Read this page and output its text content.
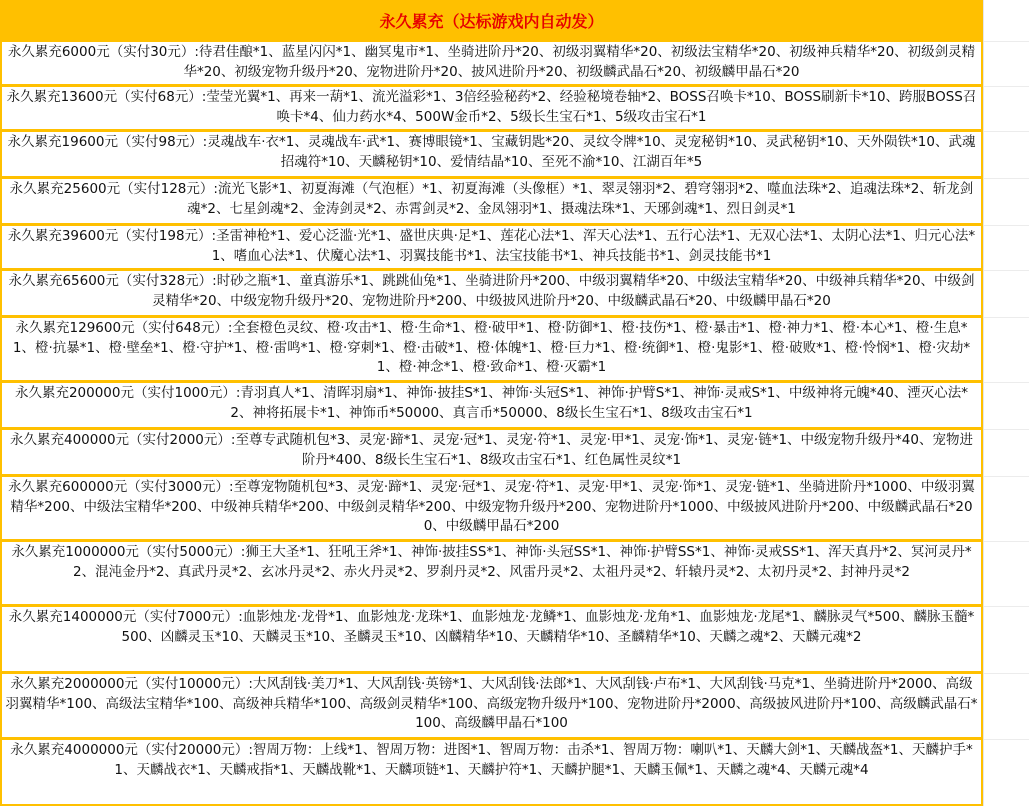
永久累充（达标游戏内自动发）
永久累充6000元（实付30元）:待君佳酿*1、蓝星闪闪*1、幽冥鬼市*1、坐骑进阶丹*20、初级羽翼精华*20、初级法宝精华*20、初级神兵精华*20、初级剑灵精华*20、初级宠物升级丹*20、宠物进阶丹*20、披风进阶丹*20、初级麟武晶石*20、初级麟甲晶石*20
永久累充13600元（实付68元）:莹莹光翼*1、再来一葫*1、流光溢彩*1、3倍经验秘药*2、经验秘境卷轴*2、BOSS召唤卡*10、BOSS刷新卡*10、跨服BOSS召唤卡*4、仙力药水*4、500W金币*2、5级长生宝石*1、5级攻击宝石*1
永久累充19600元（实付98元）:灵魂战车·衣*1、灵魂战车·武*1、赛博眼镜*1、宝藏钥匙*20、灵纹令牌*10、灵宠秘钥*10、灵武秘钥*10、天外陨铁*10、武魂招魂符*10、天麟秘钥*10、爱情结晶*10、至死不渝*10、江湖百年*5
永久累充25600元（实付128元）:流光飞影*1、初夏海滩（气泡框）*1、初夏海滩（头像框）*1、翠灵翎羽*2、碧穹翎羽*2、噬血法珠*2、追魂法珠*2、斩龙剑魂*2、七星剑魂*2、金涛剑灵*2、赤霄剑灵*2、金凤翎羽*1、摄魂法珠*1、天琊剑魂*1、烈日剑灵*1
永久累充39600元（实付198元）:圣雷神枪*1、爱心泛滥·光*1、盛世庆典·足*1、莲花心法*1、浑天心法*1、五行心法*1、无双心法*1、太阴心法*1、归元心法*1、嗜血心法*1、伏魔心法*1、羽翼技能书*1、法宝技能书*1、神兵技能书*1、剑灵技能书*1
永久累充65600元（实付328元）:时砂之瓶*1、童真游乐*1、跳跳仙兔*1、坐骑进阶丹*200、中级羽翼精华*20、中级法宝精华*20、中级神兵精华*20、中级剑灵精华*20、中级宠物升级丹*20、宠物进阶丹*200、中级披风进阶丹*20、中级麟武晶石*20、中级麟甲晶石*20
永久累充129600元（实付648元）:全套橙色灵纹、橙·攻击*1、橙·生命*1、橙·破甲*1、橙·防御*1、橙·技伤*1、橙·暴击*1、橙·神力*1、橙·本心*1、橙·生息*1、橙·抗暴*1、橙·壁垒*1、橙·守护*1、橙·雷鸣*1、橙·穿刺*1、橙·击破*1、橙·体魄*1、橙·巨力*1、橙·统御*1、橙·鬼影*1、橙·破败*1、橙·怜悯*1、橙·灾劫*1、橙·神念*1、橙·致命*1、橙·灭霸*1
永久累充200000元（实付1000元）:青羽真人*1、清晖羽扇*1、神饰·披挂S*1、神饰·头冠S*1、神饰·护臂S*1、神饰·灵戒S*1、中级神将元魄*40、湮灭心法*2、神将拓展卡*1、神饰币*50000、真言币*50000、8级长生宝石*1、8级攻击宝石*1
永久累充400000元（实付2000元）:至尊专武随机包*3、灵宠·蹄*1、灵宠·冠*1、灵宠·符*1、灵宠·甲*1、灵宠·饰*1、灵宠·链*1、中级宠物升级丹*40、宠物进阶丹*400、8级长生宝石*1、8级攻击宝石*1、红色属性灵纹*1
永久累充600000元（实付3000元）:至尊宠物随机包*3、灵宠·蹄*1、灵宠·冠*1、灵宠·符*1、灵宠·甲*1、灵宠·饰*1、灵宠·链*1、坐骑进阶丹*1000、中级羽翼精华*200、中级法宝精华*200、中级神兵精华*200、中级剑灵精华*200、中级宠物升级丹*200、宠物进阶丹*1000、中级披风进阶丹*200、中级麟武晶石*200、中级麟甲晶石*200
永久累充1000000元（实付5000元）:狮王大圣*1、狂吼王斧*1、神饰·披挂SS*1、神饰·头冠SS*1、神饰·护臂SS*1、神饰·灵戒SS*1、浑天真丹*2、冥河灵丹*2、混沌金丹*2、真武丹灵*2、玄冰丹灵*2、赤火丹灵*2、罗刹丹灵*2、风雷丹灵*2、太祖丹灵*2、轩辕丹灵*2、太初丹灵*2、封神丹灵*2
永久累充1400000元（实付7000元）:血影烛龙·龙骨*1、血影烛龙·龙珠*1、血影烛龙·龙鳞*1、血影烛龙·龙角*1、血影烛龙·龙尾*1、麟脉灵气*500、麟脉玉髓*500、凶麟灵玉*10、天麟灵玉*10、圣麟灵玉*10、凶麟精华*10、天麟精华*10、圣麟精华*10、天麟之魂*2、天麟元魂*2
永久累充2000000元（实付10000元）:大风刮钱·美刀*1、大风刮钱·英镑*1、大风刮钱·法郎*1、大风刮钱·卢布*1、大风刮钱·马克*1、坐骑进阶丹*2000、高级羽翼精华*100、高级法宝精华*100、高级神兵精华*100、高级剑灵精华*100、高级宠物升级丹*100、宠物进阶丹*2000、高级披风进阶丹*100、高级麟武晶石*100、高级麟甲晶石*100
永久累充4000000元（实付20000元）:智周万物：上线*1、智周万物：进图*1、智周万物：击杀*1、智周万物：喇叭*1、天麟大剑*1、天麟战盔*1、天麟护手*1、天麟战衣*1、天麟戒指*1、天麟战靴*1、天麟项链*1、天麟护符*1、天麟护腿*1、天麟玉佩*1、天麟之魂*4、天麟元魂*4
